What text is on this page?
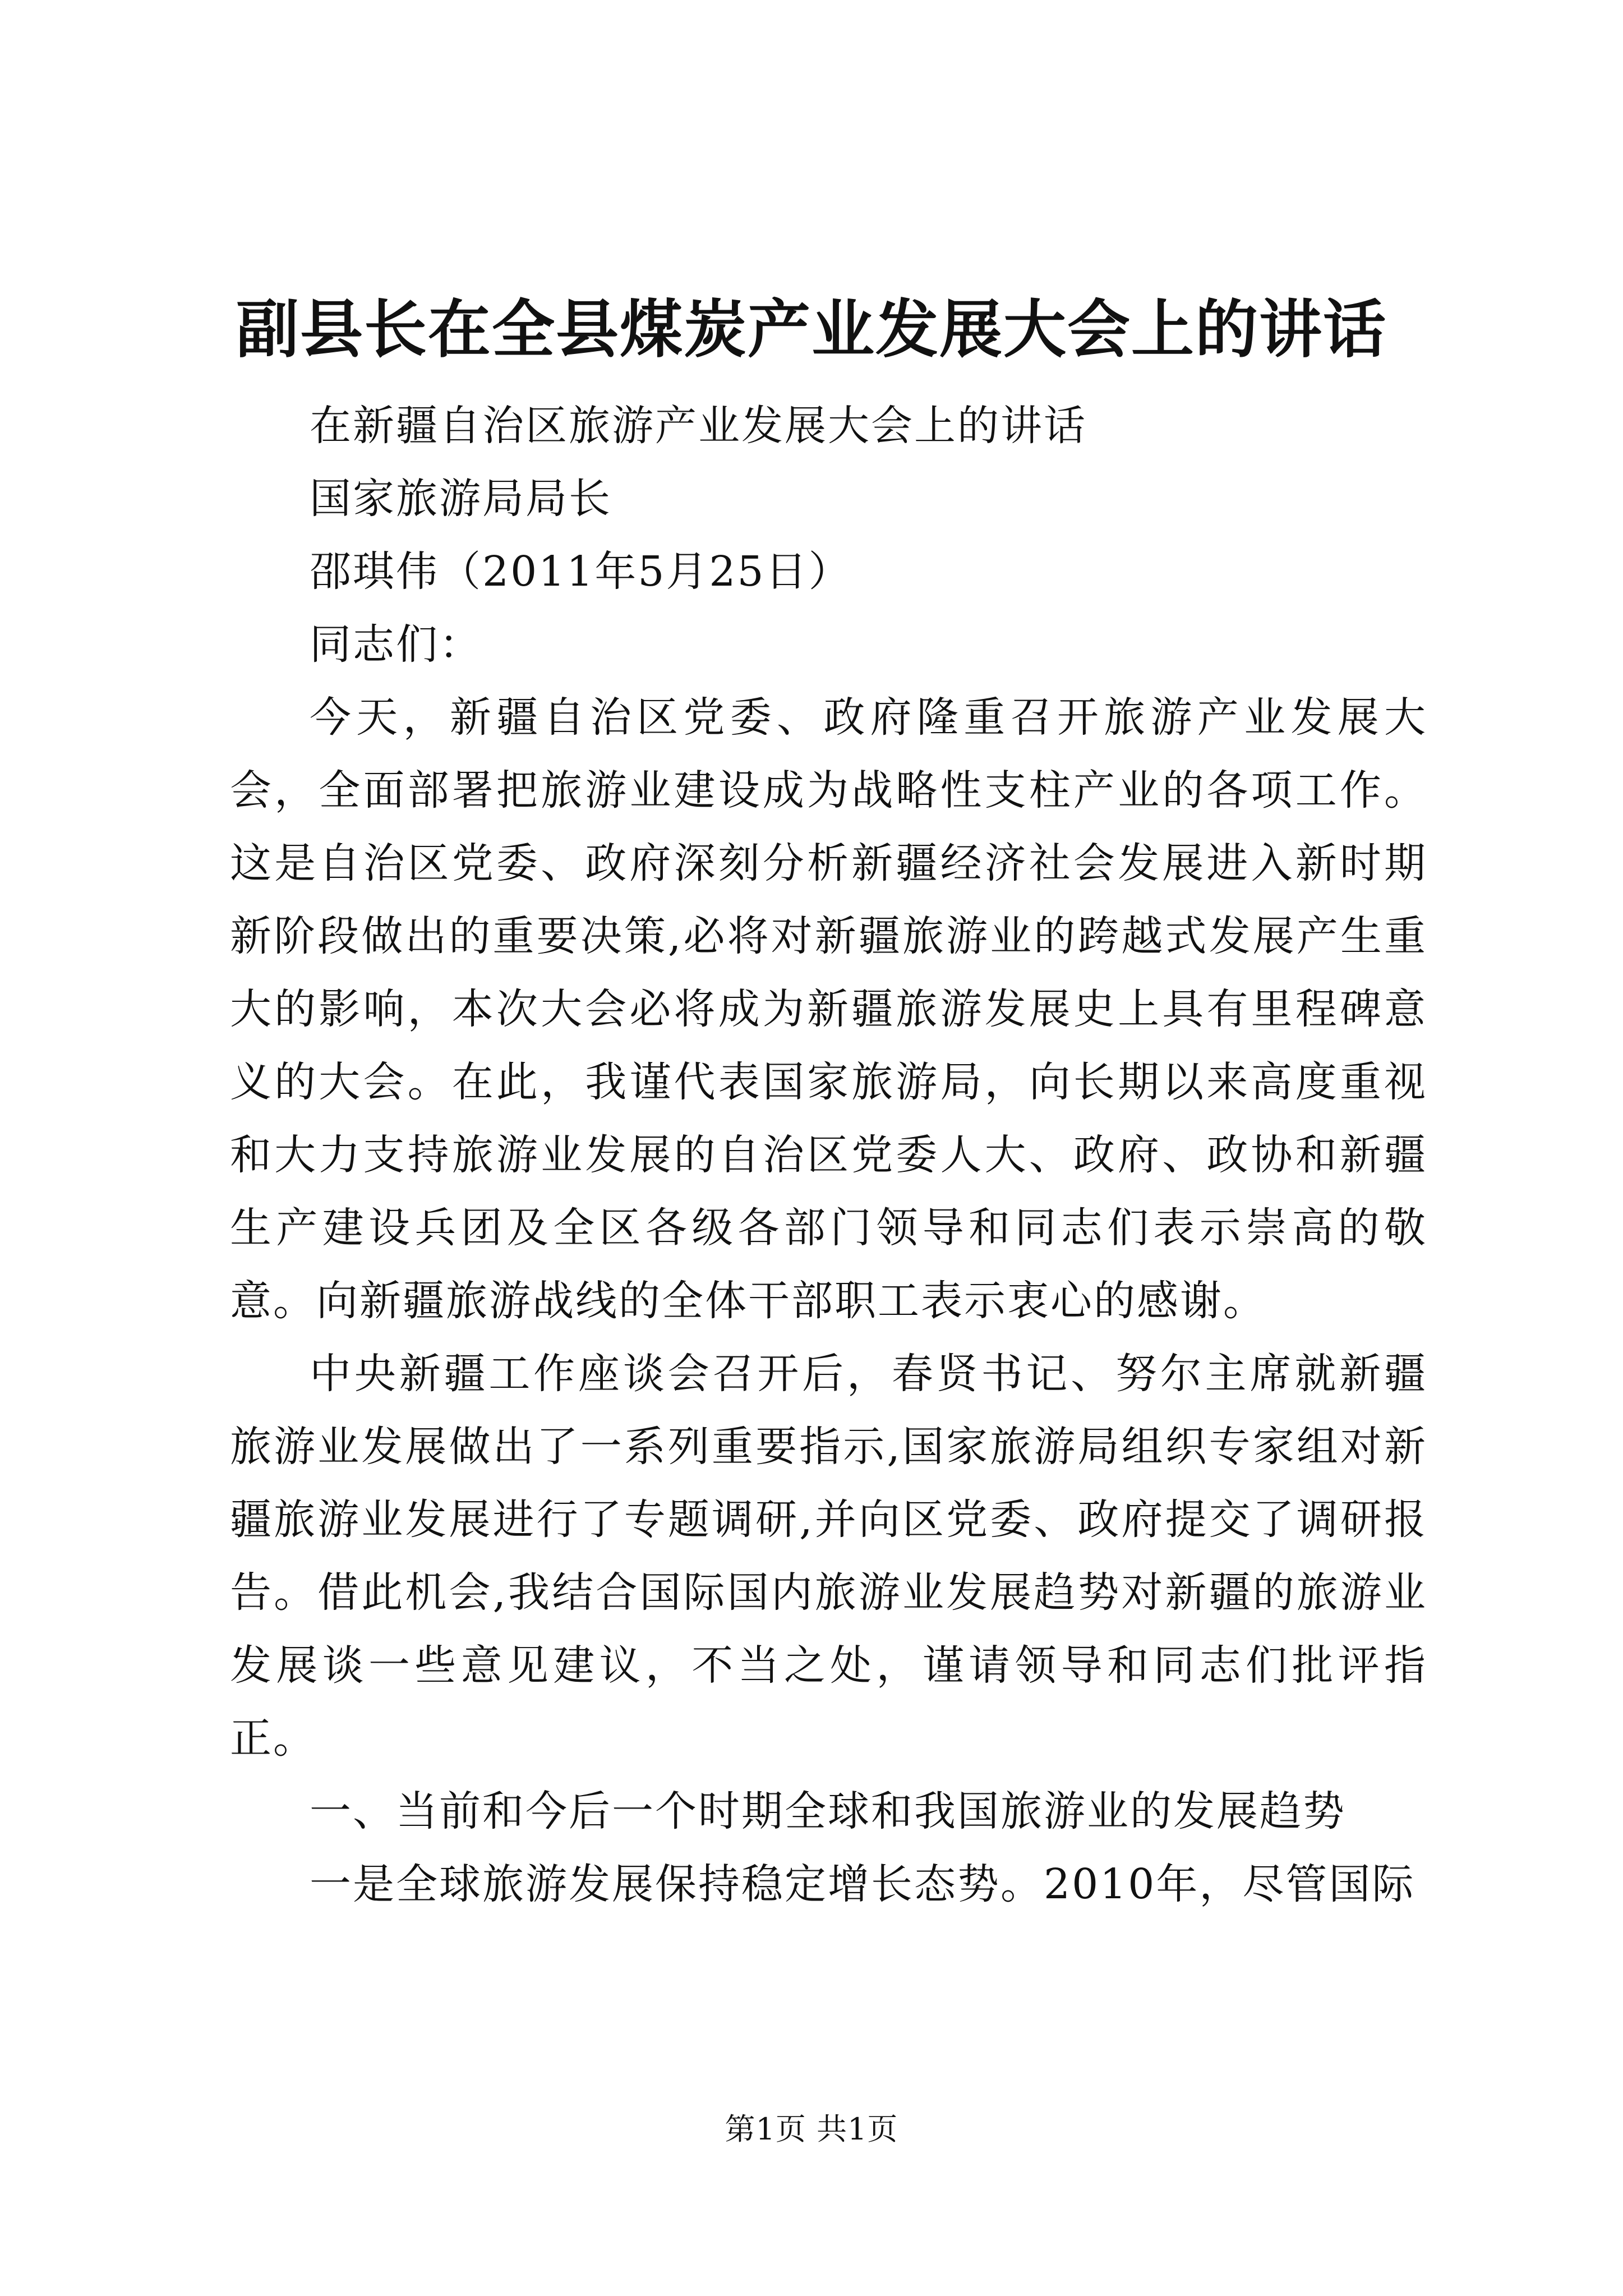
副县长在全县煤炭产业发展大会上的讲话

在新疆自治区旅游产业发展大会上的讲话

国家旅游局局长

邵琪伟（2011年5月25日）

同志们：

今天，新疆自治区党委、政府隆重召开旅游产业发展大会，全面部署把旅游业建设成为战略性支柱产业的各项工作。这是自治区党委、政府深刻分析新疆经济社会发展进入新时期新阶段做出的重要决策,必将对新疆旅游业的跨越式发展产生重大的影响，本次大会必将成为新疆旅游发展史上具有里程碑意义的大会。在此，我谨代表国家旅游局，向长期以来高度重视和大力支持旅游业发展的自治区党委人大、政府、政协和新疆生产建设兵团及全区各级各部门领导和同志们表示崇高的敬意。向新疆旅游战线的全体干部职工表示衷心的感谢。

中央新疆工作座谈会召开后，春贤书记、努尔主席就新疆旅游业发展做出了一系列重要指示,国家旅游局组织专家组对新疆旅游业发展进行了专题调研,并向区党委、政府提交了调研报告。借此机会,我结合国际国内旅游业发展趋势对新疆的旅游业发展谈一些意见建议，不当之处，谨请领导和同志们批评指正。

一、当前和今后一个时期全球和我国旅游业的发展趋势

一是全球旅游发展保持稳定增长态势。2010年，尽管国际

第1页 共1页
